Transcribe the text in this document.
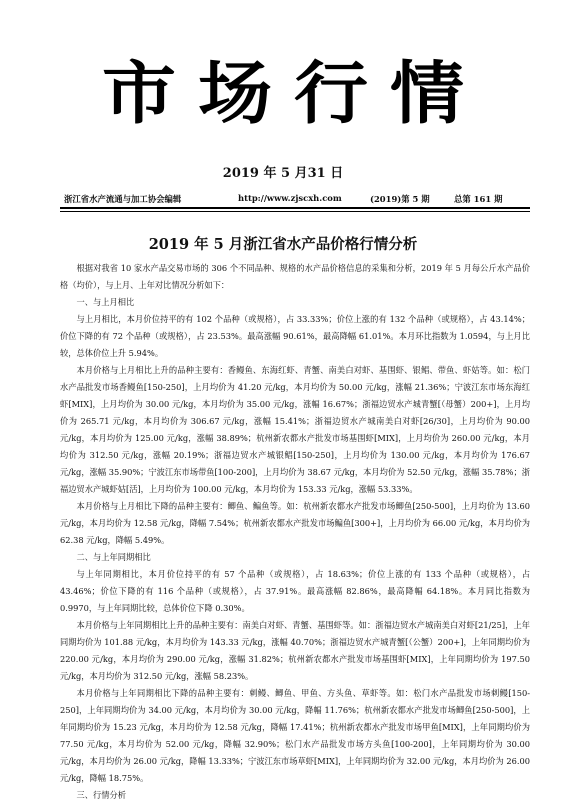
市场行情
2019 年 5 月31 日
浙江省水产流通与加工协会编辑	http://www.zjscxh.com	(2019)第 5 期	总第 161 期
2019 年 5 月浙江省水产品价格行情分析

根据对我省 10 家水产品交易市场的 306 个不同品种、规格的水产品价格信息的采集和分析，2019 年 5 月每公斤水产品价格（均价），与上月、上年对比情况分析如下：

一、与上月相比

与上月相比，本月价位持平的有 102 个品种（或规格），占 33.33%；价位上涨的有 132 个品种（或规格），占 43.14%；价位下降的有 72 个品种（或规格），占 23.53%。最高涨幅 90.61%，最高降幅 61.01%。本月环比指数为 1.0594，与上月比较，总体价位上升 5.94%。

本月价格与上月相比上升的品种主要有：香鳗鱼、东海红虾、青蟹、南美白对虾、基围虾、银鲳、带鱼、虾姑等。如：松门水产品批发市场香鳗鱼[150-250]，上月均价为 41.20 元/kg，本月均价为 50.00 元/kg，涨幅 21.36%；宁波江东市场东海红虾[MIX]，上月均价为 30.00 元/kg，本月均价为 35.00 元/kg，涨幅 16.67%；浙福边贸水产城青蟹[（母蟹）200+]，上月均价为 265.71 元/kg，本月均价为 306.67 元/kg，涨幅 15.41%；浙福边贸水产城南美白对虾[26/30]，上月均价为 90.00 元/kg，本月均价为 125.00 元/kg，涨幅 38.89%；杭州新农都水产批发市场基围虾[MIX]，上月均价为 260.00 元/kg，本月均价为 312.50 元/kg，涨幅 20.19%；浙福边贸水产城银鲳[150-250]，上月均价为 130.00 元/kg，本月均价为 176.67 元/kg，涨幅 35.90%；宁波江东市场带鱼[100-200]，上月均价为 38.67 元/kg，本月均价为 52.50 元/kg，涨幅 35.78%；浙福边贸水产城虾姑[活]，上月均价为 100.00 元/kg，本月均价为 153.33 元/kg，涨幅 53.33%。

本月价格与上月相比下降的品种主要有：鲫鱼、鳊鱼等。如：杭州新农都水产批发市场鲫鱼[250-500]，上月均价为 13.60 元/kg，本月均价为 12.58 元/kg，降幅 7.54%；杭州新农都水产批发市场鳊鱼[300+]，上月均价为 66.00 元/kg，本月均价为 62.38 元/kg，降幅 5.49%。

二、与上年同期相比

与上年同期相比，本月价位持平的有 57 个品种（或规格），占 18.63%；价位上涨的有 133 个品种（或规格），占 43.46%；价位下降的有 116 个品种（或规格），占 37.91%。最高涨幅 82.86%，最高降幅 64.18%。本月同比指数为 0.9970，与上年同期比较，总体价位下降 0.30%。

本月价格与上年同期相比上升的品种主要有：南美白对虾、青蟹、基围虾等。如：浙福边贸水产城南美白对虾[21/25]，上年同期均价为 101.88 元/kg，本月均价为 143.33 元/kg，涨幅 40.70%；浙福边贸水产城青蟹[（公蟹）200+]，上年同期均价为 220.00 元/kg，本月均价为 290.00 元/kg，涨幅 31.82%；杭州新农都水产批发市场基围虾[MIX]，上年同期均价为 197.50 元/kg，本月均价为 312.50 元/kg，涨幅 58.23%。

本月价格与上年同期相比下降的品种主要有：刺鳗、鲫鱼、甲鱼、方头鱼、草虾等。如：松门水产品批发市场刺鳗[150-250]，上年同期均价为 34.00 元/kg，本月均价为 30.00 元/kg，降幅 11.76%；杭州新农都水产批发市场鲫鱼[250-500]，上年同期均价为 15.23 元/kg，本月均价为 12.58 元/kg，降幅 17.41%；杭州新农都水产批发市场甲鱼[MIX]，上年同期均价为 77.50 元/kg，本月均价为 52.00 元/kg，降幅 32.90%；松门水产品批发市场方头鱼[100-200]，上年同期均价为 30.00 元/kg，本月均价为 26.00 元/kg，降幅 13.33%；宁波江东市场草虾[MIX]，上年同期均价为 32.00 元/kg，本月均价为 26.00 元/kg，降幅 18.75%。

三、行情分析
